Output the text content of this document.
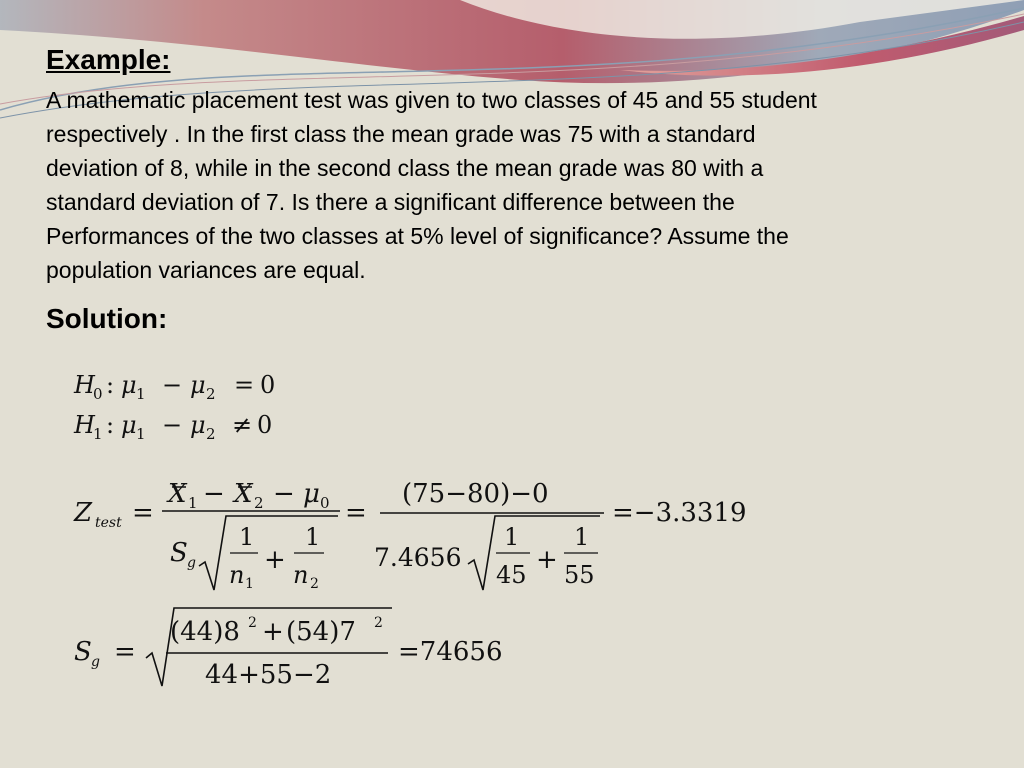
Example:

A mathematic placement test was given to two classes of 45 and 55 student
respectively . In the first class the mean grade was 75 with a standard
deviation of 8, while in the second class the mean grade was 80 with a
standard deviation of 7. Is there a significant difference between the
Performances of the two classes at 5% level of significance? Assume the
population variances are equal.

Solution:
H
0 : μ 1 − μ 2 = 0
H
1 : μ 1 − μ 2 ≠ 0
Z test =
X 1 − X 2 − μ 0
S g
1
n 1
+
1
n 2
=
(75−80)−0
7.4656
1
45 +
1
55
=−3.3319
S g =
(44)8 2 + (54)7 2
44+55−2
=74656
